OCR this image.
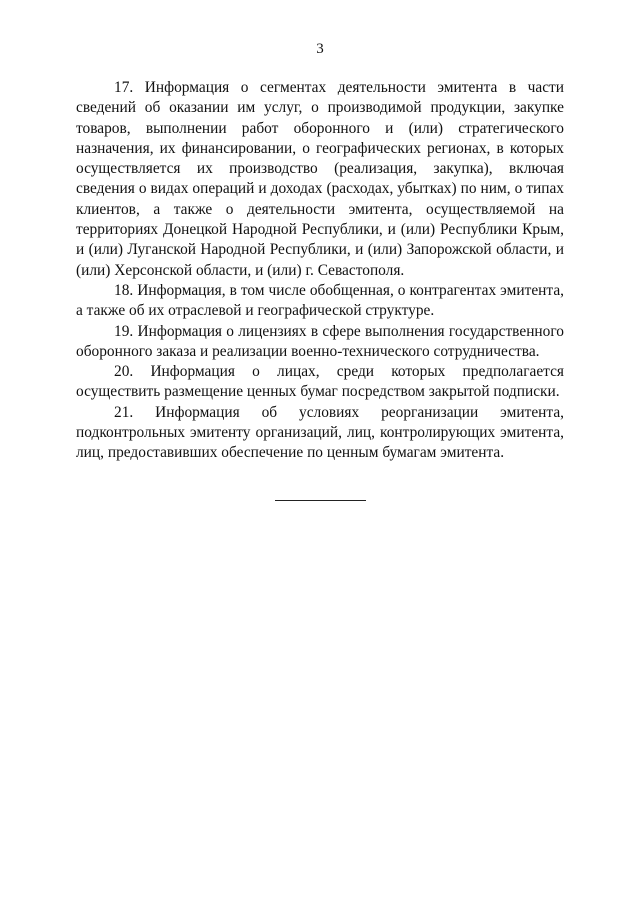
3

17. Информация о сегментах деятельности эмитента в части сведений об оказании им услуг, о производимой продукции, закупке товаров, выполнении работ оборонного и (или) стратегического назначения, их финансировании, о географических регионах, в которых осуществляется их производство (реализация, закупка), включая сведения о видах операций и доходах (расходах, убытках) по ним, о типах клиентов, а также о деятельности эмитента, осуществляемой на территориях Донецкой Народной Республики, и (или) Республики Крым, и (или) Луганской Народной Республики, и (или) Запорожской области, и (или) Херсонской области, и (или) г. Севастополя.

18. Информация, в том числе обобщенная, о контрагентах эмитента, а также об их отраслевой и географической структуре.

19. Информация о лицензиях в сфере выполнения государственного оборонного заказа и реализации военно-технического сотрудничества.

20. Информация о лицах, среди которых предполагается осуществить размещение ценных бумаг посредством закрытой подписки.

21. Информация об условиях реорганизации эмитента, подконтрольных эмитенту организаций, лиц, контролирующих эмитента, лиц, предоставивших обеспечение по ценным бумагам эмитента.
